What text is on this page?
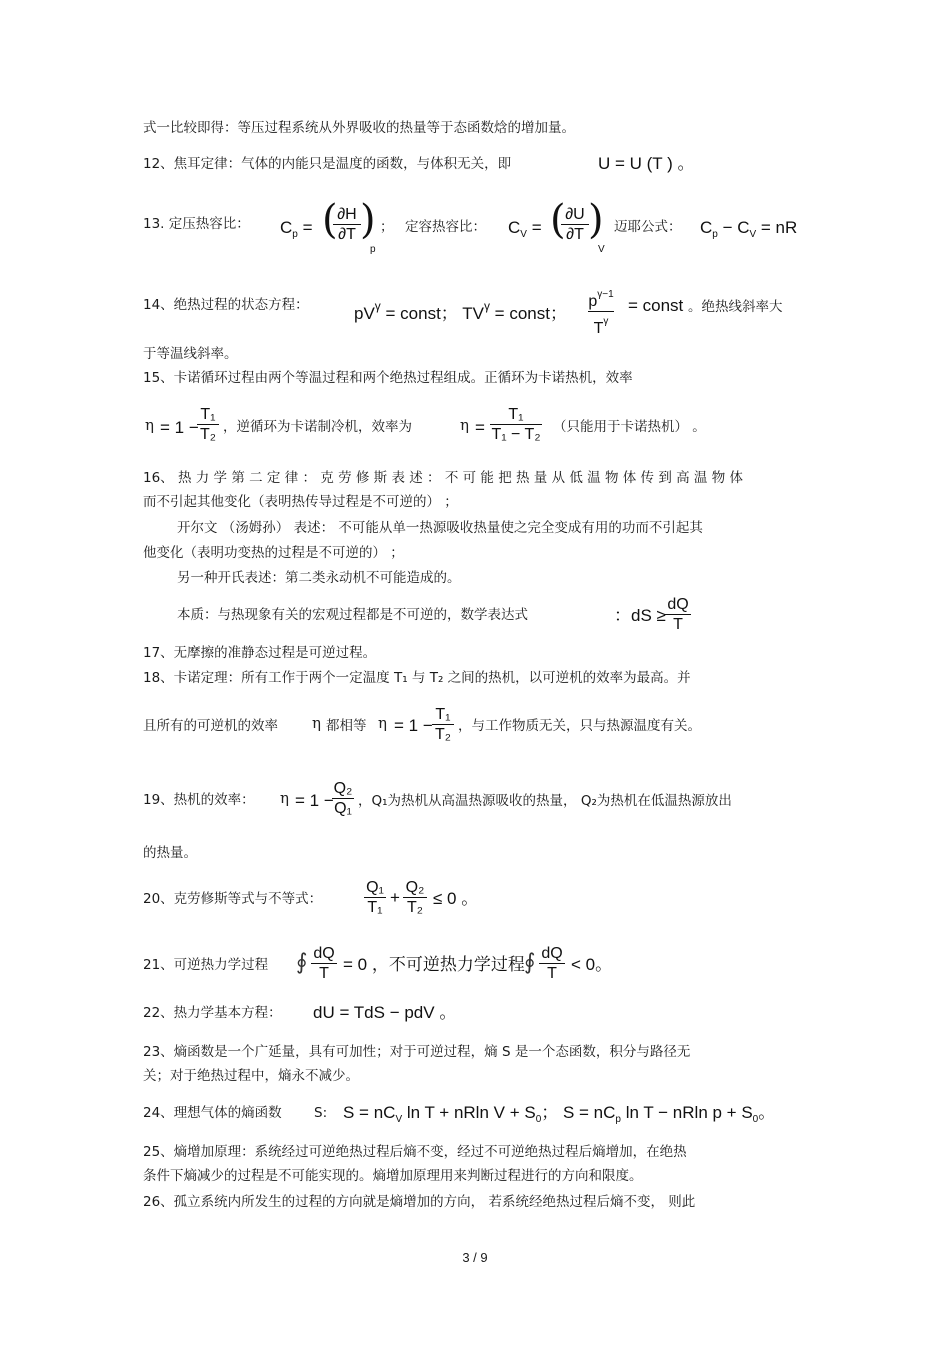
式一比较即得：等压过程系统从外界吸收的热量等于态函数焓的增加量。
12、焦耳定律：气体的内能只是温度的函数，与体积无关，即	U = U (T ) 。
13. 定压热容比： $C_p$ = (
$\frac{\partial H}{\partial T}$ )
p
； 定容热容比： $C_V$ = (
$\frac{\partial U}{\partial T}$ )
V
迈耶公式： $C_p - C_V$ = nR
14、绝热过程的状态方程：	$pV^\gamma$ = const； $TV^\gamma$ = const； $\frac{p^{\gamma-1}}{T^\gamma}$ = const 。绝热线斜率大
于等温线斜率。
15、卡诺循环过程由两个等温过程和两个绝热过程组成。正循环为卡诺热机，效率
η = 1 −
$\frac{\text{T₁}}{\text{T₂}}$ ，逆循环为卡诺制冷机，效率为	$\eta = \frac{\text{T₁}}{\text{T₁ − T₂}}$ （只能用于卡诺热机） 。
16、 热 力 学 第 二 定 律 ： 克 劳 修 斯 表 述 ： 不 可 能 把 热 量 从 低 温 物 体 传 到 高 温 物 体
而不引起其他变化（表明热传导过程是不可逆的） ；
开尔文 （汤姆孙） 表述： 不可能从单一热源吸收热量使之完全变成有用的功而不引起其
他变化（表明功变热的过程是不可逆的） ；
另一种开氏表述：第二类永动机不可能造成的。
本质：与热现象有关的宏观过程都是不可逆的，数学表达式	：dS ≥ $\frac{dQ}{T}$
17、无摩擦的准静态过程是可逆过程。
18、卡诺定理：所有工作于两个一定温度 T₁ 与 T₂ 之间的热机，以可逆机的效率为最高。并
且所有的可逆机的效率 η 都相等 $\eta = 1 - \frac{\text{T₁}}{\text{T₂}}$ ，与工作物质无关，只与热源温度有关。
19、热机的效率： η = 1 −
$\frac{\text{Q₂}}{\text{Q₁}}$ ，Q₁为热机从高温热源吸收的热量， Q₂为热机在低温热源放出
的热量。
20、克劳修斯等式与不等式：	$\frac{\text{Q₁}}{\text{T₁}} + \frac{\text{Q₂}}{\text{T₂}} \le 0$ 。
21、可逆热力学过程 ∮ $\frac{dQ}{T} = 0$ ，不可逆热力学过程 ∮ $\frac{dQ}{T} < 0$。
22、热力学基本方程： dU = TdS − pdV 。
23、熵函数是一个广延量，具有可加性；对于可逆过程，熵 S 是一个态函数，积分与路径无
关；对于绝热过程中，熵永不减少。
24、理想气体的熵函数 S: $S = nC_V$ ln T + nRln $V + S_0$； $S = nC_p$ ln T − nRln $p + S_0$。
25、熵增加原理：系统经过可逆绝热过程后熵不变，经过不可逆绝热过程后熵增加，在绝热
条件下熵减少的过程是不可能实现的。熵增加原理用来判断过程进行的方向和限度。
26、孤立系统内所发生的过程的方向就是熵增加的方向， 若系统经绝热过程后熵不变， 则此
3 / 9
